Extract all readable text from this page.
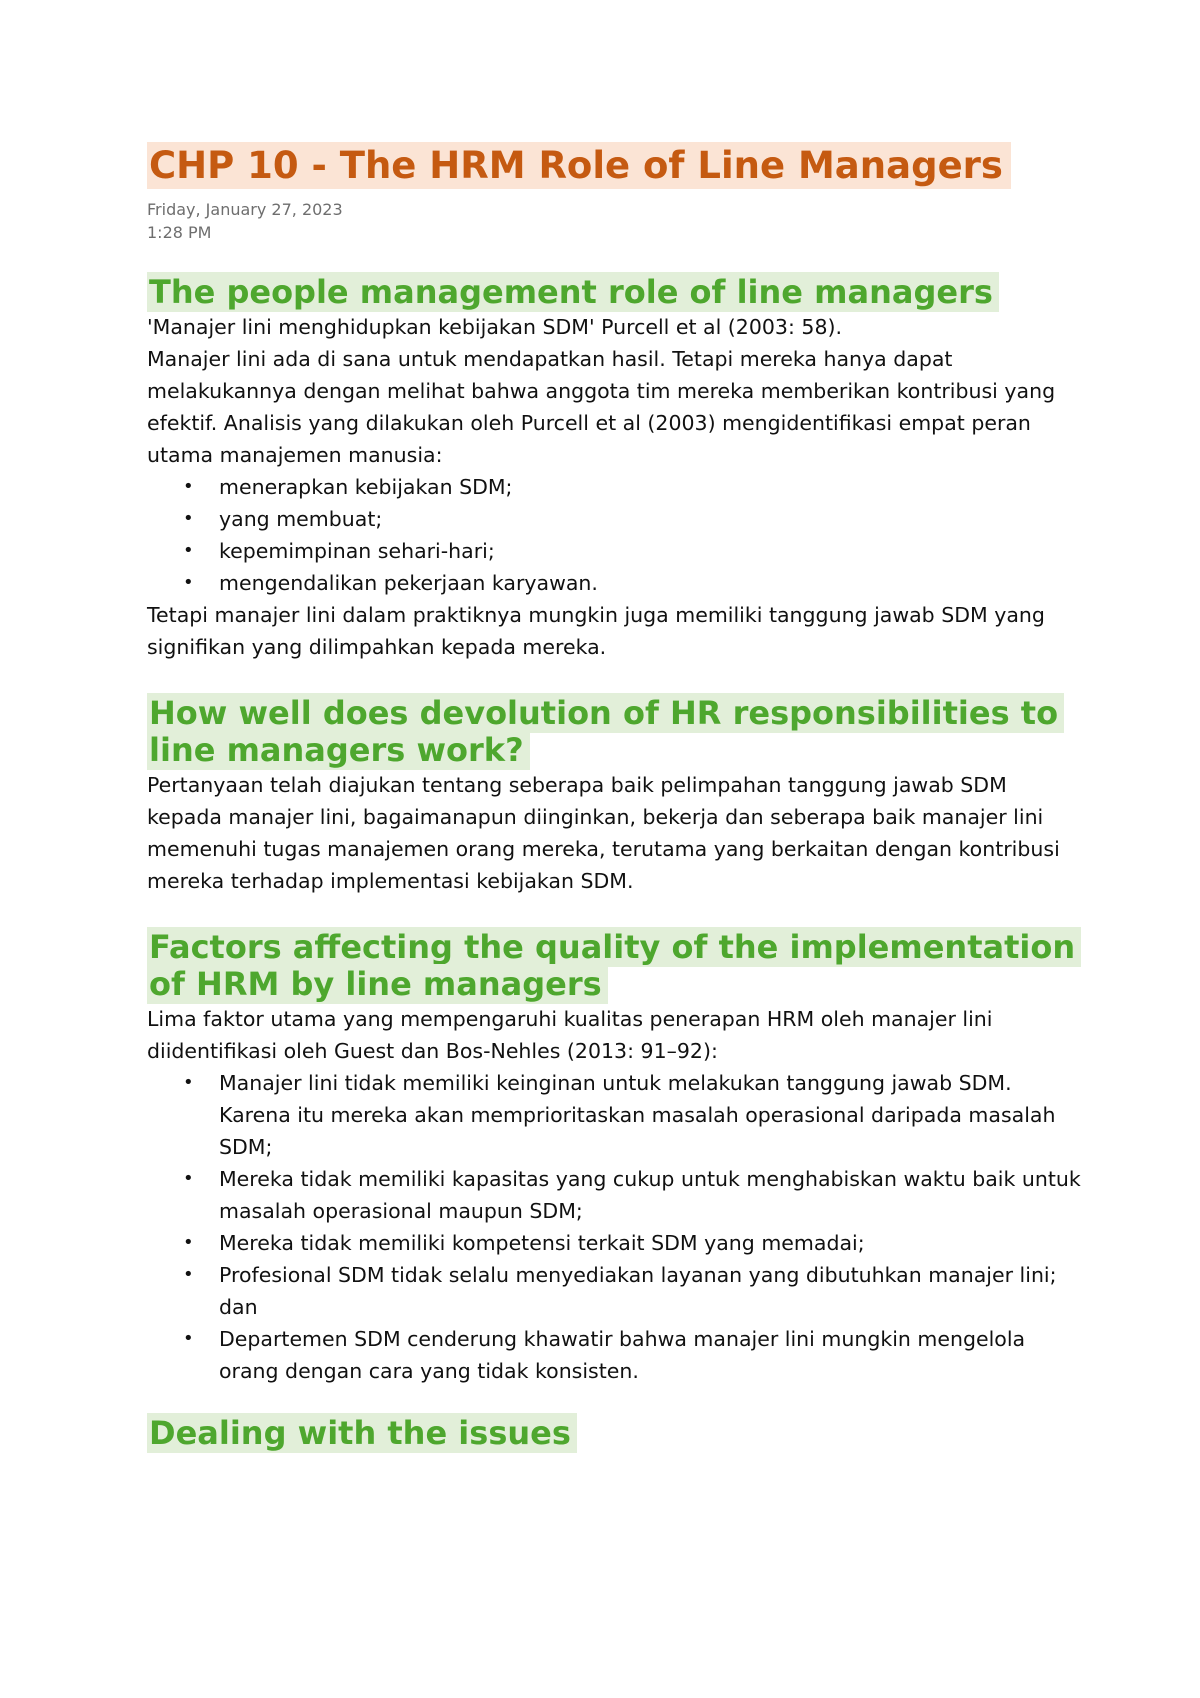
CHP 10 - The HRM Role of Line Managers
Friday, January 27, 2023
1:28 PM
The people management role of line managers

'Manajer lini menghidupkan kebijakan SDM' Purcell et al (2003: 58).

Manajer lini ada di sana untuk mendapatkan hasil. Tetapi mereka hanya dapat melakukannya dengan melihat bahwa anggota tim mereka memberikan kontribusi yang efektif. Analisis yang dilakukan oleh Purcell et al (2003) mengidentifikasi empat peran utama manajemen manusia:

• menerapkan kebijakan SDM;
• yang membuat;
• kepemimpinan sehari-hari;
• mengendalikan pekerjaan karyawan.

Tetapi manajer lini dalam praktiknya mungkin juga memiliki tanggung jawab SDM yang signifikan yang dilimpahkan kepada mereka.

How well does devolution of HR responsibilities to line managers work?

Pertanyaan telah diajukan tentang seberapa baik pelimpahan tanggung jawab SDM kepada manajer lini, bagaimanapun diinginkan, bekerja dan seberapa baik manajer lini memenuhi tugas manajemen orang mereka, terutama yang berkaitan dengan kontribusi mereka terhadap implementasi kebijakan SDM.

Factors affecting the quality of the implementation of HRM by line managers

Lima faktor utama yang mempengaruhi kualitas penerapan HRM oleh manajer lini diidentifikasi oleh Guest dan Bos-Nehles (2013: 91–92):

• Manajer lini tidak memiliki keinginan untuk melakukan tanggung jawab SDM. Karena itu mereka akan memprioritaskan masalah operasional daripada masalah SDM;
• Mereka tidak memiliki kapasitas yang cukup untuk menghabiskan waktu baik untuk masalah operasional maupun SDM;
• Mereka tidak memiliki kompetensi terkait SDM yang memadai;
• Profesional SDM tidak selalu menyediakan layanan yang dibutuhkan manajer lini; dan
• Departemen SDM cenderung khawatir bahwa manajer lini mungkin mengelola orang dengan cara yang tidak konsisten.
Dealing with the issues
